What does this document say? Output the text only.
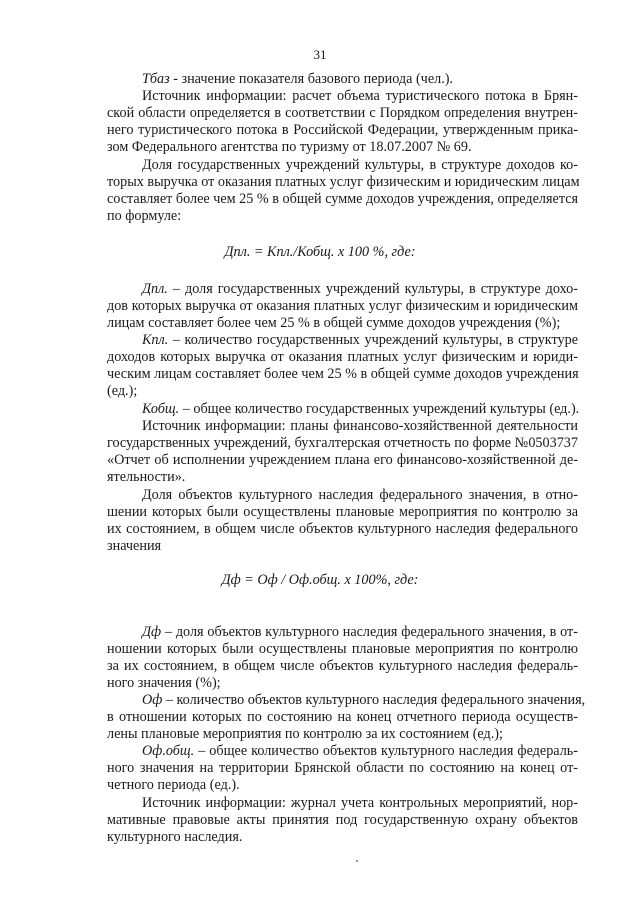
31
Тбаз - значение показателя базового периода (чел.).
Источник информации: расчет объема туристического потока в Брян-
ской области определяется в соответствии с Порядком определения внутрен-
него туристического потока в Российской Федерации, утвержденным прика-
зом Федерального агентства по туризму от 18.07.2007 № 69.
Доля государственных учреждений культуры, в структуре доходов ко-
торых выручка от оказания платных услуг физическим и юридическим лицам
составляет более чем 25 % в общей сумме доходов учреждения, определяется
по формуле:
Дпл. = Кпл./Кобщ. х 100 %, где:
Дпл. – доля государственных учреждений культуры, в структуре дохо-
дов которых выручка от оказания платных услуг физическим и юридическим
лицам составляет более чем 25 % в общей сумме доходов учреждения (%);
Кпл. – количество государственных учреждений культуры, в структуре
доходов которых выручка от оказания платных услуг физическим и юриди-
ческим лицам составляет более чем 25 % в общей сумме доходов учреждения
(ед.);
Кобщ. – общее количество государственных учреждений культуры (ед.).
Источник информации: планы финансово-хозяйственной деятельности
государственных учреждений, бухгалтерская отчетность по форме №0503737
«Отчет об исполнении учреждением плана его финансово-хозяйственной де-
ятельности».
Доля объектов культурного наследия федерального значения, в отно-
шении которых были осуществлены плановые мероприятия по контролю за
их состоянием, в общем числе объектов культурного наследия федерального
значения
Дф = Оф / Оф.общ. х 100%, где:
Дф – доля объектов культурного наследия федерального значения, в от-
ношении которых были осуществлены плановые мероприятия по контролю
за их состоянием, в общем числе объектов культурного наследия федераль-
ного значения (%);
Оф – количество объектов культурного наследия федерального значения,
в отношении которых по состоянию на конец отчетного периода осуществ-
лены плановые мероприятия по контролю за их состоянием (ед.);
Оф.общ. – общее количество объектов культурного наследия федераль-
ного значения на территории Брянской области по состоянию на конец от-
четного периода (ед.).
Источник информации: журнал учета контрольных мероприятий, нор-
мативные правовые акты принятия под государственную охрану объектов
культурного наследия.
